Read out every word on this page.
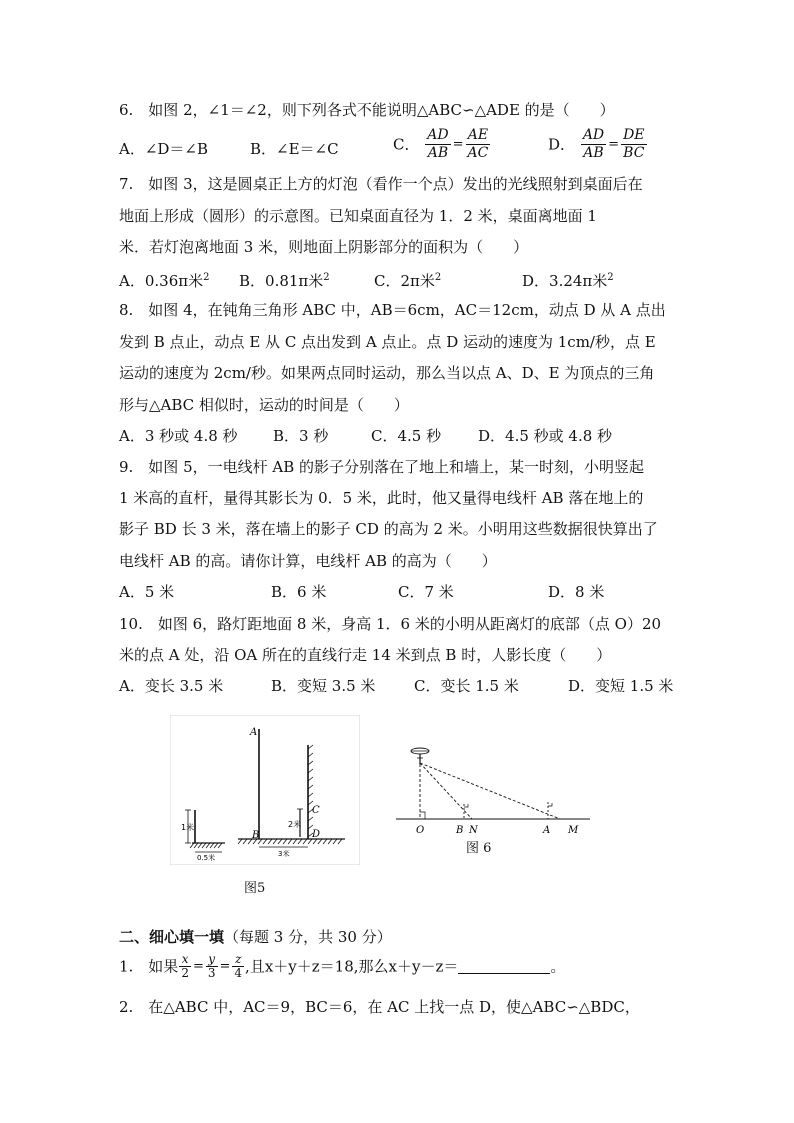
6.　如图 2，∠1＝∠2，则下列各式不能说明△ABC∽△ADE 的是（　　）
A．∠D＝∠B	B．∠E＝∠C	C． $\frac{AD}{AB} = \frac{AE}{AC}$	D． $\frac{AD}{AB} = \frac{DE}{BC}$
7.　如图 3，这是圆桌正上方的灯泡（看作一个点）发出的光线照射到桌面后在
地面上形成（圆形）的示意图。已知桌面直径为 1．2 米，桌面离地面 1
米．若灯泡离地面 3 米，则地面上阴影部分的面积为（　　）
A．0.36π米$^2$ B．0.81π米$^2$	C．2π米$^2$	D．3.24π米$^2$
8.　如图 4，在钝角三角形 ABC 中，AB＝6cm，AC＝12cm，动点 D 从 A 点出
发到 B 点止，动点 E 从 C 点出发到 A 点止。点 D 运动的速度为 1cm/秒，点 E
运动的速度为 2cm/秒。如果两点同时运动，那么当以点 A、D、E 为顶点的三角
形与△ABC 相似时，运动的时间是（　　）
A．3 秒或 4.8 秒 B．3 秒	C．4.5 秒 D．4.5 秒或 4.8 秒
9.　如图 5，一电线杆 AB 的影子分别落在了地上和墙上，某一时刻，小明竖起
1 米高的直杆，量得其影长为 0．5 米，此时，他又量得电线杆 AB 落在地上的
影子 BD 长 3 米，落在墙上的影子 CD 的高为 2 米。小明用这些数据很快算出了
电线杆 AB 的高。请你计算，电线杆 AB 的高为（　　）
A．5 米	B．6 米	C．7 米	D．8 米
10.　如图 6，路灯距地面 8 米，身高 1．6 米的小明从距离灯的底部（点 O）20
米的点 A 处，沿 OA 所在的直线行走 14 米到点 B 时，人影长度（　　）
A．变长 3.5 米	B．变短 3.5 米	C．变长 1.5 米	D．变短 1.5 米
1米
0.5米
A
B
3米
C
D
2米
图5
O	B N	A M
图 6
二、细心填一填（每题 3 分，共 30 分）
1.　如果 $\frac{x}{2} = \frac{y}{3} = \frac{z}{4}$ ,且x＋y＋z＝18,那么x＋y－z＝	。
2.　在△ABC 中，AC＝9，BC＝6，在 AC 上找一点 D，使△ABC∽△BDC，
